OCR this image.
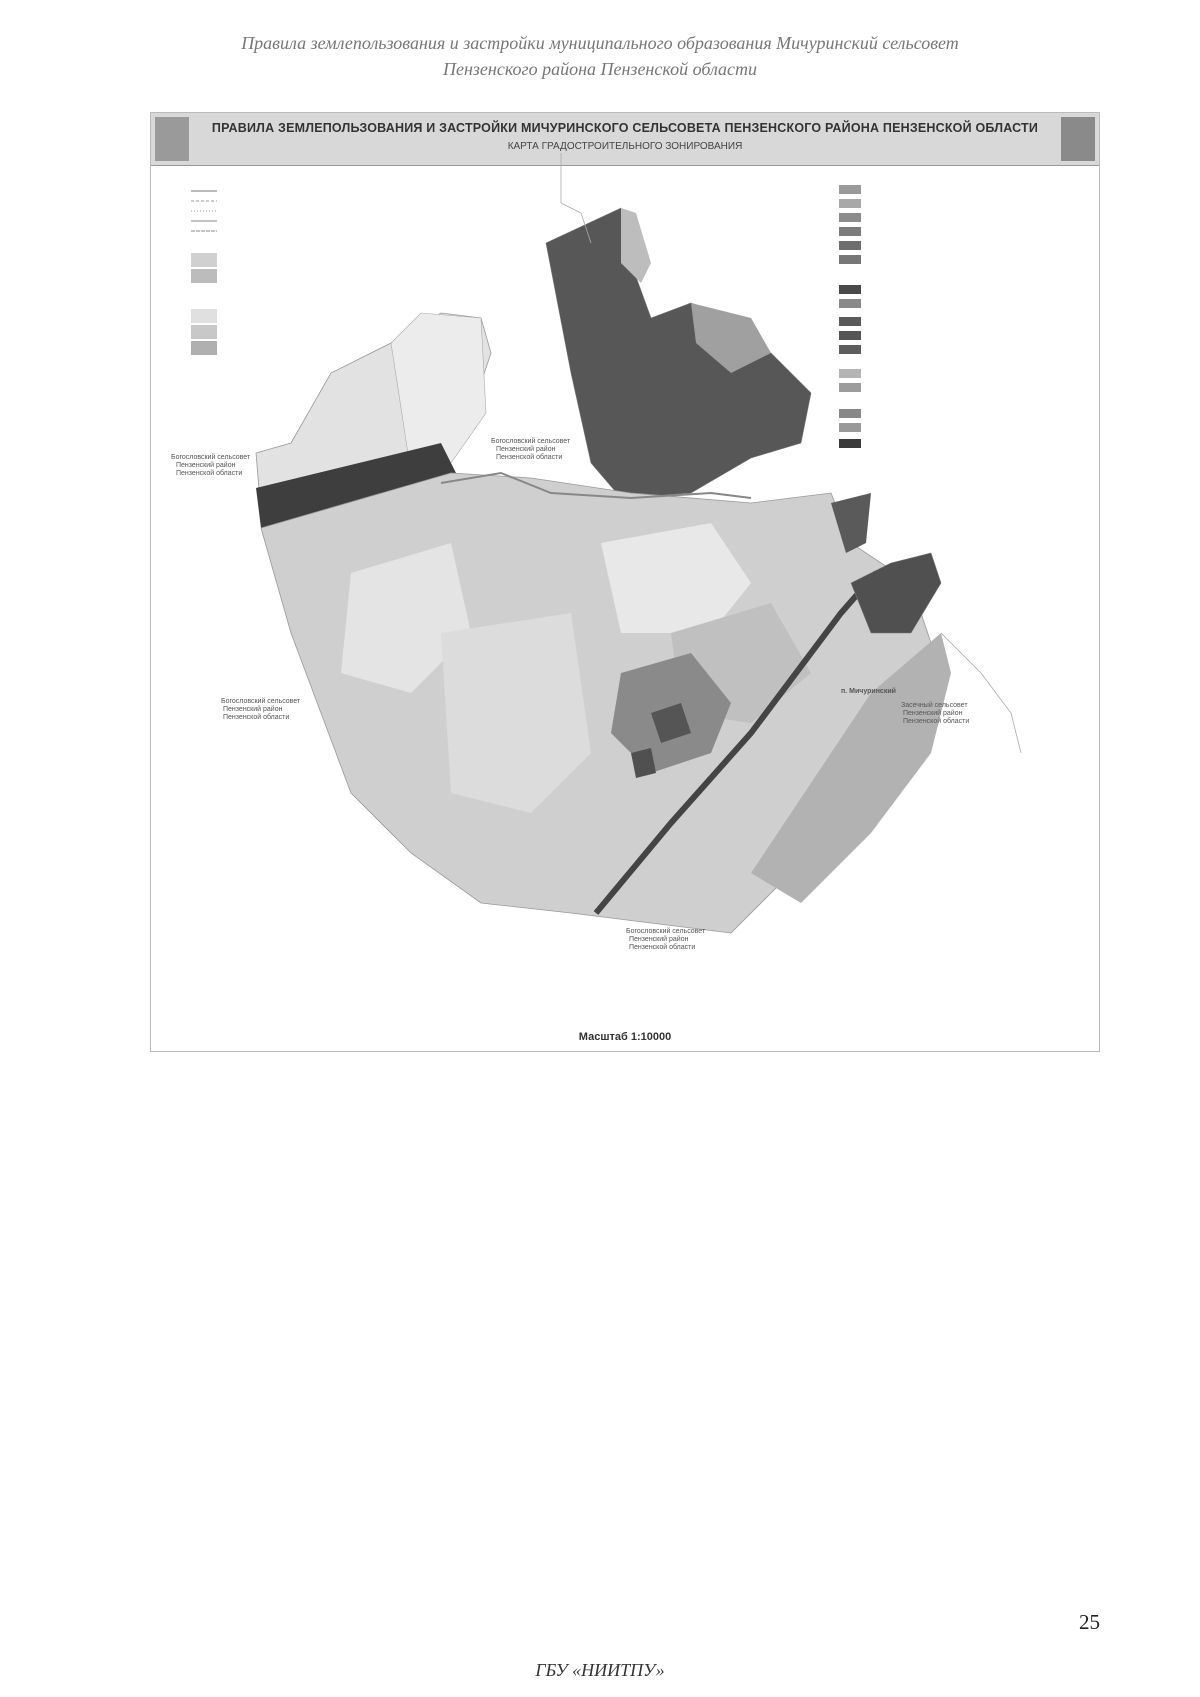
Правила землепользования и застройки муниципального образования Мичуринский сельсовет
Пензенского района Пензенской области
ПРАВИЛА ЗЕМЛЕПОЛЬЗОВАНИЯ И ЗАСТРОЙКИ МИЧУРИНСКОГО СЕЛЬСОВЕТА ПЕНЗЕНСКОГО РАЙОНА ПЕНЗЕНСКОЙ ОБЛАСТИ
КАРТА ГРАДОСТРОИТЕЛЬНОГО ЗОНИРОВАНИЯ
п. Мичуринский
Богословский сельсовет
Пензенский район
Пензенской области
Богословский сельсовет
Пензенский район
Пензенской области
Богословский сельсовет
Пензенский район
Пензенской области
Засечный сельсовет
Пензенский район
Пензенской области
Богословский сельсовет
Пензенский район
Пензенской области
Масштаб 1:10000
25
ГБУ «НИИТПУ»
